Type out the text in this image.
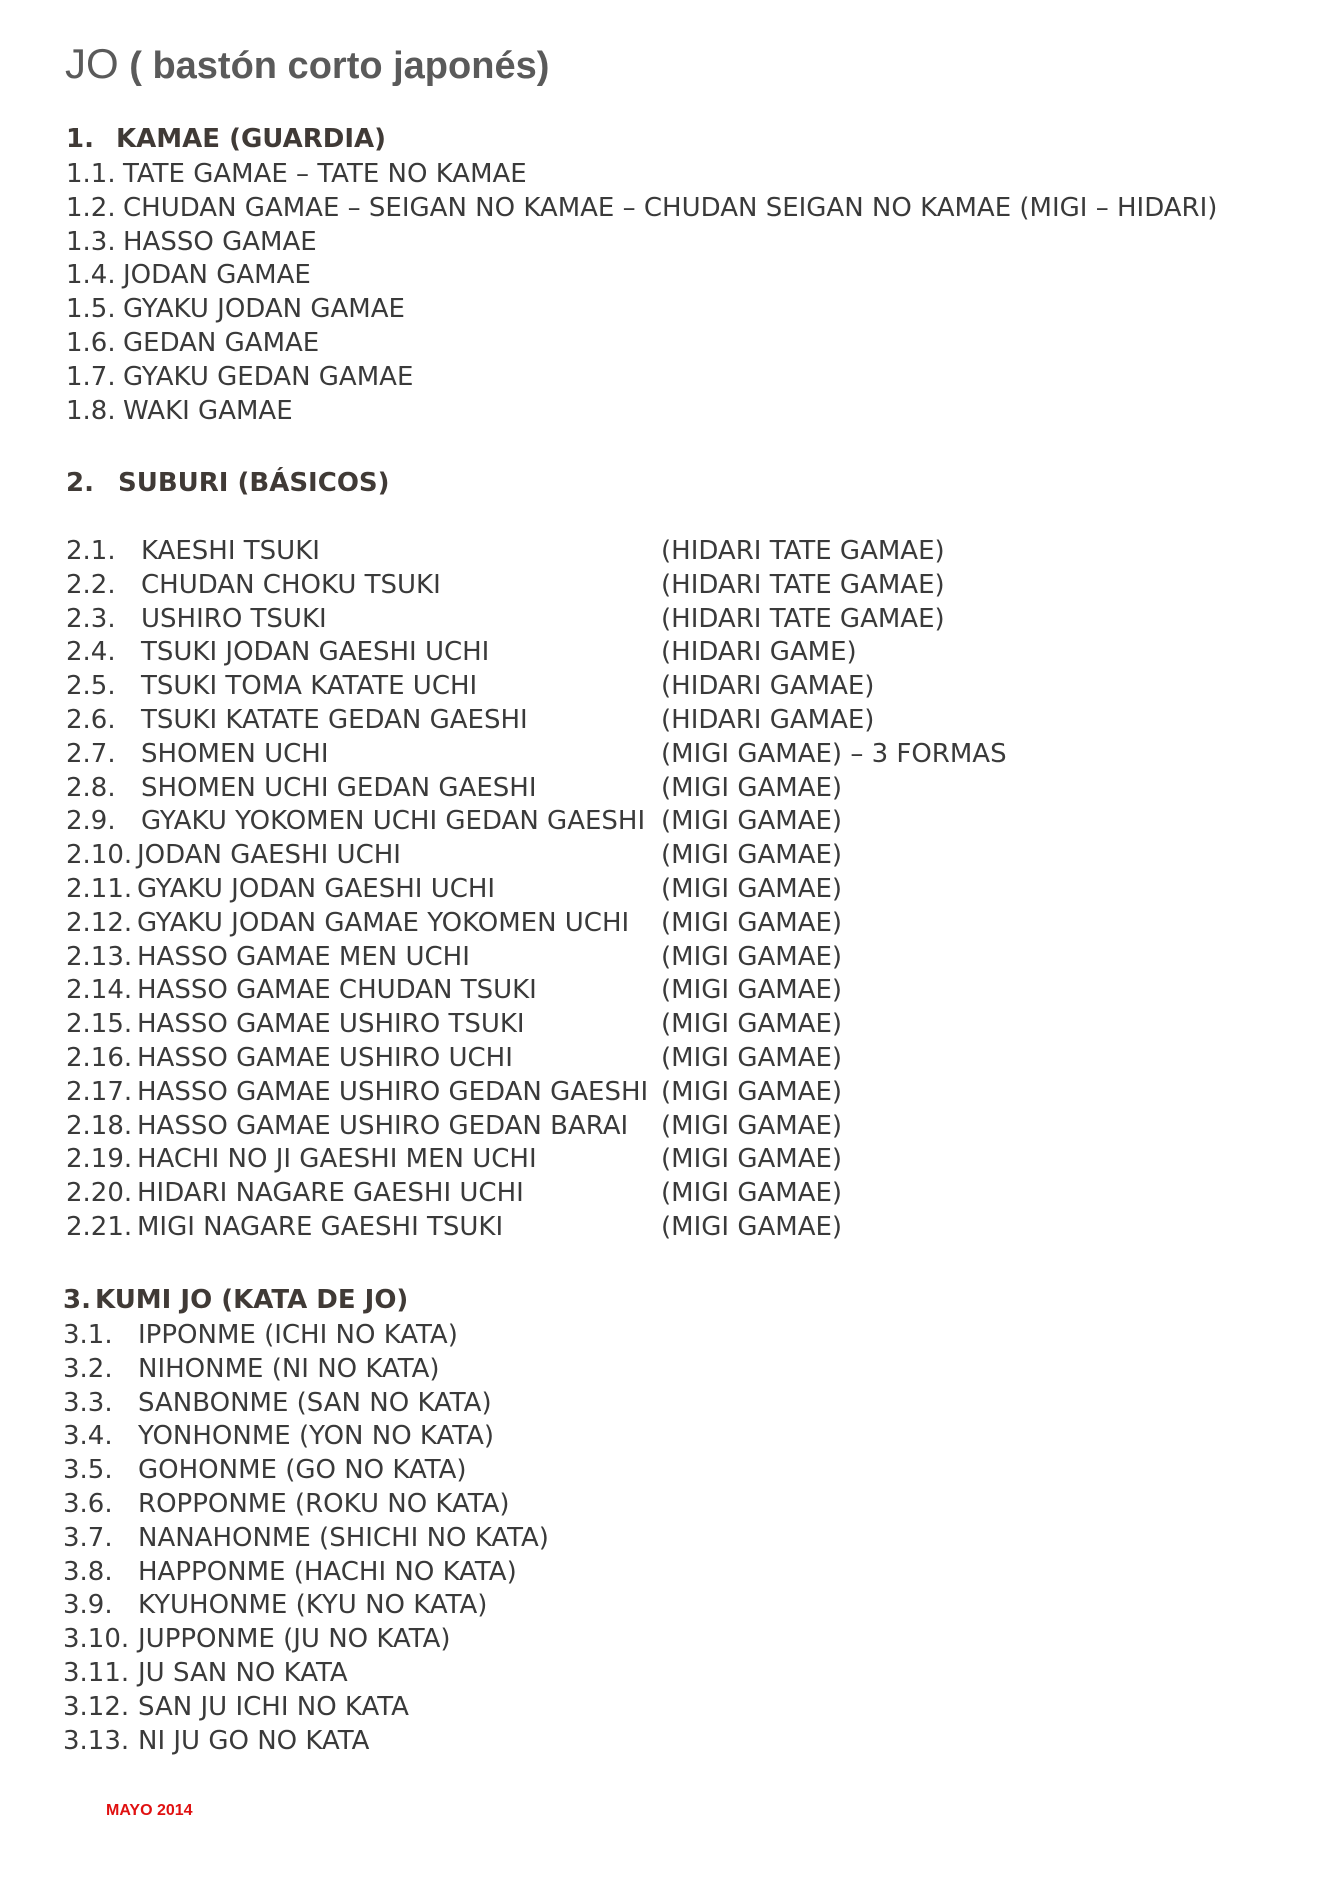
JO ( bastón corto japonés)
1. KAMAE (GUARDIA)
1.1. TATE GAMAE – TATE NO KAMAE
1.2. CHUDAN GAMAE – SEIGAN NO KAMAE – CHUDAN SEIGAN NO KAMAE (MIGI – HIDARI)
1.3. HASSO GAMAE
1.4. JODAN GAMAE
1.5. GYAKU JODAN GAMAE
1.6. GEDAN GAMAE
1.7. GYAKU GEDAN GAMAE
1.8. WAKI GAMAE
2. SUBURI (BÁSICOS)
2.1. KAESHI TSUKI	(HIDARI TATE GAMAE)
2.2. CHUDAN CHOKU TSUKI	(HIDARI TATE GAMAE)
2.3. USHIRO TSUKI	(HIDARI TATE GAMAE)
2.4. TSUKI JODAN GAESHI UCHI	(HIDARI GAME)
2.5. TSUKI TOMA KATATE UCHI	(HIDARI GAMAE)
2.6. TSUKI KATATE GEDAN GAESHI	(HIDARI GAMAE)
2.7. SHOMEN UCHI	(MIGI GAMAE) – 3 FORMAS
2.8. SHOMEN UCHI GEDAN GAESHI	(MIGI GAMAE)
2.9. GYAKU YOKOMEN UCHI GEDAN GAESHI (MIGI GAMAE)
2.10. JODAN GAESHI UCHI	(MIGI GAMAE)
2.11. GYAKU JODAN GAESHI UCHI	(MIGI GAMAE)
2.12. GYAKU JODAN GAMAE YOKOMEN UCHI (MIGI GAMAE)
2.13. HASSO GAMAE MEN UCHI	(MIGI GAMAE)
2.14. HASSO GAMAE CHUDAN TSUKI	(MIGI GAMAE)
2.15. HASSO GAMAE USHIRO TSUKI	(MIGI GAMAE)
2.16. HASSO GAMAE USHIRO UCHI	(MIGI GAMAE)
2.17. HASSO GAMAE USHIRO GEDAN GAESHI (MIGI GAMAE)
2.18. HASSO GAMAE USHIRO GEDAN BARAI (MIGI GAMAE)
2.19. HACHI NO JI GAESHI MEN UCHI	(MIGI GAMAE)
2.20. HIDARI NAGARE GAESHI UCHI	(MIGI GAMAE)
2.21. MIGI NAGARE GAESHI TSUKI	(MIGI GAMAE)
3. KUMI JO (KATA DE JO)
3.1. IPPONME (ICHI NO KATA)
3.2. NIHONME (NI NO KATA)
3.3. SANBONME (SAN NO KATA)
3.4. YONHONME (YON NO KATA)
3.5. GOHONME (GO NO KATA)
3.6. ROPPONME (ROKU NO KATA)
3.7. NANAHONME (SHICHI NO KATA)
3.8. HAPPONME (HACHI NO KATA)
3.9. KYUHONME (KYU NO KATA)
3.10. JUPPONME (JU NO KATA)
3.11. JU SAN NO KATA
3.12. SAN JU ICHI NO KATA
3.13. NI JU GO NO KATA
MAYO 2014
